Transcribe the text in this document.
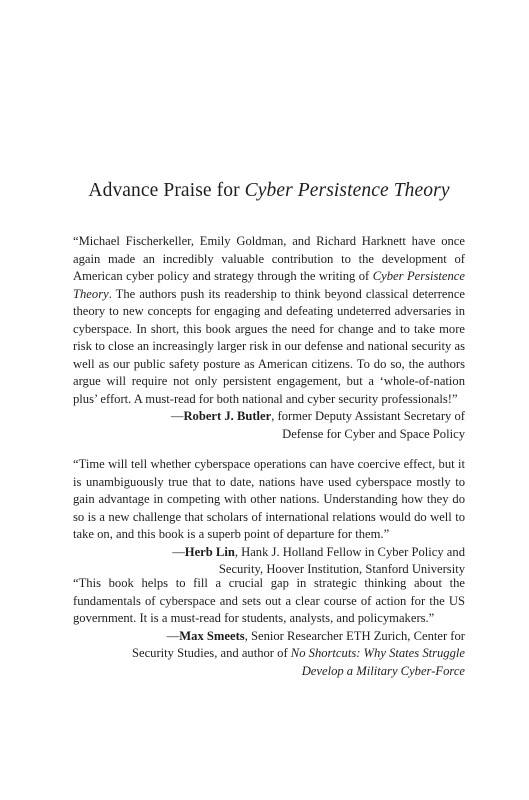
Advance Praise for Cyber Persistence Theory

“Michael Fischerkeller, Emily Goldman, and Richard Harknett have once again made an incredibly valuable contribution to the development of American cyber policy and strategy through the writing of Cyber Persistence Theory. The authors push its readership to think beyond classical deterrence theory to new concepts for engaging and defeating undeterred adversaries in cyberspace. In short, this book argues the need for change and to take more risk to close an increasingly larger risk in our defense and national security as well as our public safety posture as American citizens. To do so, the authors argue will require not only persistent engagement, but a ‘whole-of-nation plus’ effort. A must-read for both national and cyber security professionals!”

—Robert J. Butler, former Deputy Assistant Secretary of
Defense for Cyber and Space Policy

“Time will tell whether cyberspace operations can have coercive effect, but it is unambiguously true that to date, nations have used cyberspace mostly to gain advantage in competing with other nations. Understanding how they do so is a new challenge that scholars of international relations would do well to take on, and this book is a superb point of departure for them.”

—Herb Lin, Hank J. Holland Fellow in Cyber Policy and
Security, Hoover Institution, Stanford University

“This book helps to fill a crucial gap in strategic thinking about the fundamentals of cyberspace and sets out a clear course of action for the US government. It is a must-read for students, analysts, and policymakers.”

—Max Smeets, Senior Researcher ETH Zurich, Center for
Security Studies, and author of No Shortcuts: Why States Struggle
Develop a Military Cyber-Force
